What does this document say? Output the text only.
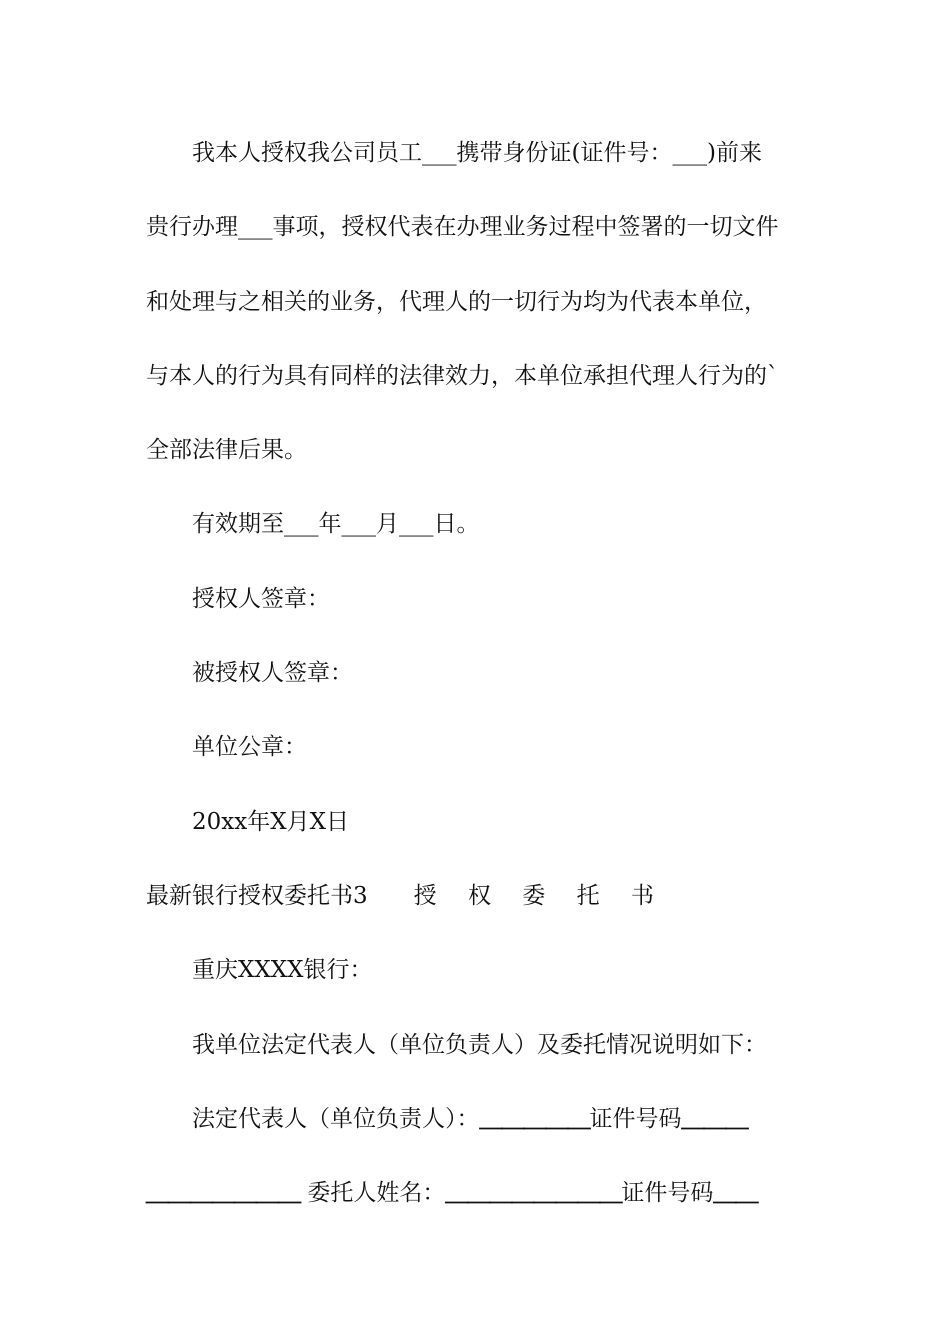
我本人授权我公司员工___携带身份证(证件号：___)前来
贵行办理___事项，授权代表在办理业务过程中签署的一切文件
和处理与之相关的业务，代理人的一切行为均为代表本单位，
与本人的行为具有同样的法律效力，本单位承担代理人行为的`
全部法律后果。
有效期至___年___月___日。
授权人签章：
被授权人签章：
单位公章：
20xx年X月X日
最新银行授权委托书3 授 权 委 托 书
重庆XXXX银行：
我单位法定代表人（单位负责人）及委托情况说明如下：
法定代表人（单位负责人）：＿＿＿＿＿证件号码＿＿＿
＿＿＿＿＿＿＿ 委托人姓名：＿＿＿＿＿＿＿＿证件号码＿＿
